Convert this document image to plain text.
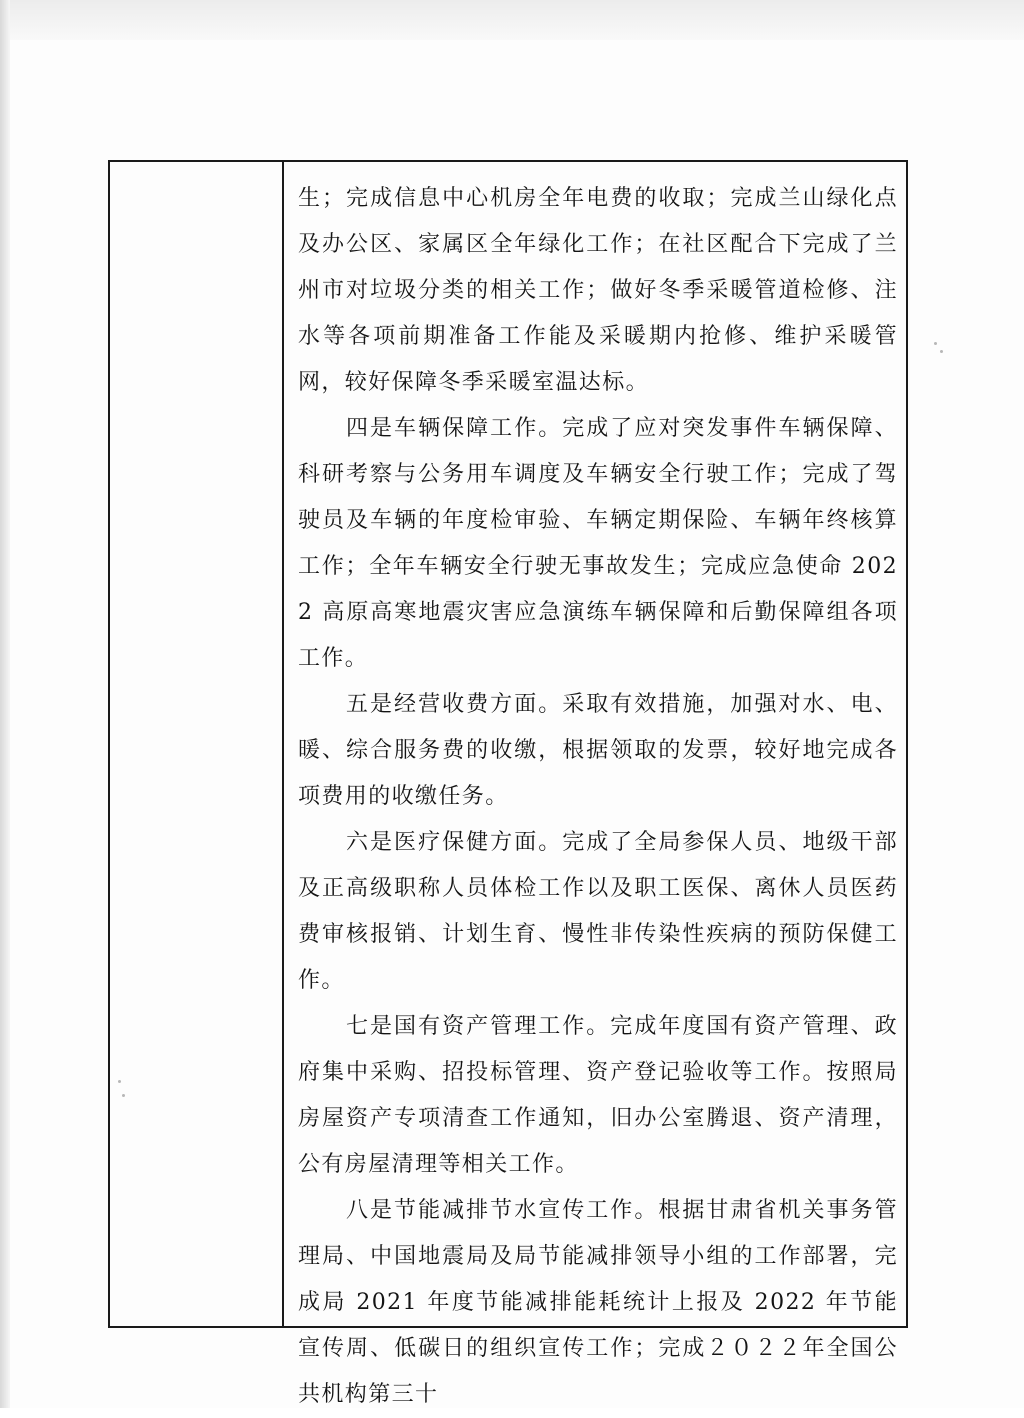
生；完成信息中心机房全年电费的收取；完成兰山绿化点及办公区、家属区全年绿化工作；在社区配合下完成了兰州市对垃圾分类的相关工作；做好冬季采暖管道检修、注水等各项前期准备工作能及采暖期内抢修、维护采暖管网，较好保障冬季采暖室温达标。

四是车辆保障工作。完成了应对突发事件车辆保障、科研考察与公务用车调度及车辆安全行驶工作；完成了驾驶员及车辆的年度检审验、车辆定期保险、车辆年终核算工作；全年车辆安全行驶无事故发生；完成应急使命 2022 高原高寒地震灾害应急演练车辆保障和后勤保障组各项工作。

五是经营收费方面。采取有效措施，加强对水、电、暖、综合服务费的收缴，根据领取的发票，较好地完成各项费用的收缴任务。

六是医疗保健方面。完成了全局参保人员、地级干部及正高级职称人员体检工作以及职工医保、离休人员医药费审核报销、计划生育、慢性非传染性疾病的预防保健工作。

七是国有资产管理工作。完成年度国有资产管理、政府集中采购、招投标管理、资产登记验收等工作。按照局房屋资产专项清查工作通知，旧办公室腾退、资产清理，公有房屋清理等相关工作。

八是节能减排节水宣传工作。根据甘肃省机关事务管理局、中国地震局及局节能减排领导小组的工作部署，完成局 2021 年度节能减排能耗统计上报及 2022 年节能宣传周、低碳日的组织宣传工作；完成２０２２年全国公共机构第三十
